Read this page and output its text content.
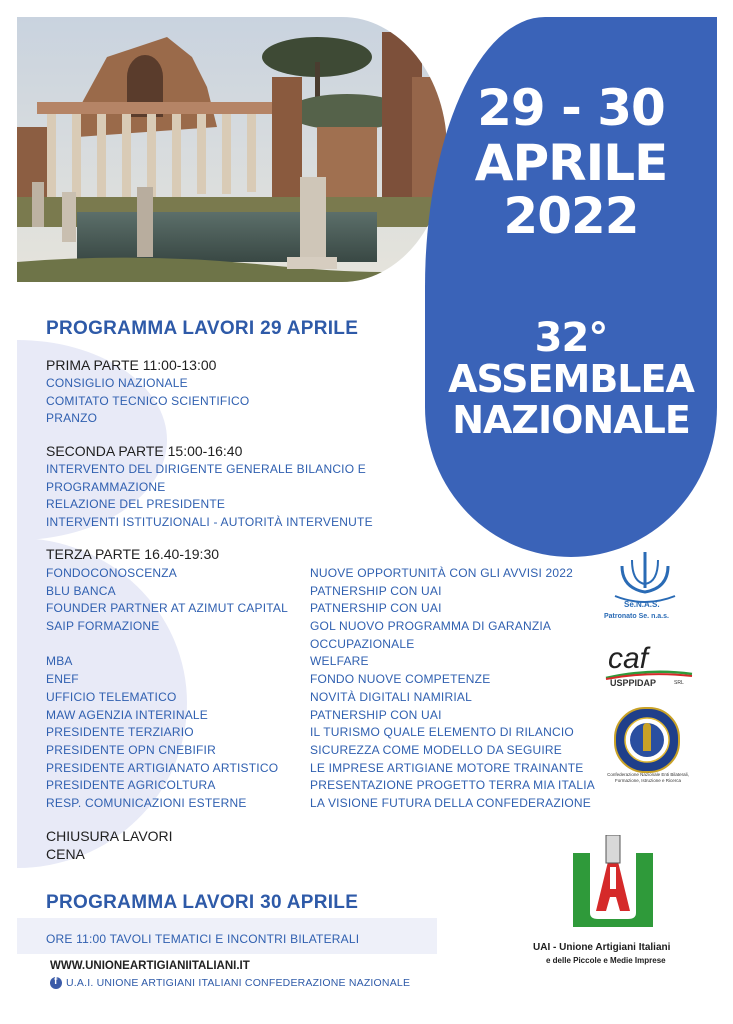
29 - 30
APRILE
2022
32°
ASSEMBLEA
NAZIONALE
PROGRAMMA LAVORI 29 APRILE
PRIMA PARTE 11:00-13:00
CONSIGLIO NAZIONALE
COMITATO TECNICO SCIENTIFICO
PRANZO
SECONDA PARTE 15:00-16:40
INTERVENTO DEL DIRIGENTE GENERALE BILANCIO E
PROGRAMMAZIONE
RELAZIONE DEL PRESIDENTE
INTERVENTI ISTITUZIONALI - AUTORITÀ INTERVENUTE
TERZA PARTE 16.40-19:30
FONDOCONOSCENZA
BLU BANCA
FOUNDER PARTNER AT AZIMUT CAPITAL
SAIP FORMAZIONE
MBA
ENEF
UFFICIO TELEMATICO
MAW AGENZIA INTERINALE
PRESIDENTE TERZIARIO
PRESIDENTE OPN CNEBIFIR
PRESIDENTE ARTIGIANATO ARTISTICO
PRESIDENTE AGRICOLTURA
RESP. COMUNICAZIONI ESTERNE
NUOVE OPPORTUNITÀ CON GLI AVVISI 2022
PATNERSHIP CON UAI
PATNERSHIP CON UAI
GOL NUOVO PROGRAMMA DI GARANZIA
OCCUPAZIONALE
WELFARE
FONDO NUOVE COMPETENZE
NOVITÀ DIGITALI NAMIRIAL
PATNERSHIP CON UAI
IL TURISMO QUALE ELEMENTO DI RILANCIO
SICUREZZA COME MODELLO DA SEGUIRE
LE IMPRESE ARTIGIANE MOTORE TRAINANTE
PRESENTAZIONE PROGETTO TERRA MIA ITALIA
LA VISIONE FUTURA DELLA CONFEDERAZIONE
CHIUSURA LAVORI
CENA
PROGRAMMA LAVORI 30 APRILE
ORE 11:00 TAVOLI TEMATICI E INCONTRI BILATERALI
WWW.UNIONEARTIGIANIITALIANI.IT
f U.A.I. UNIONE ARTIGIANI ITALIANI CONFEDERAZIONE NAZIONALE
Se.N.A.S.
Patronato Se. n.a.s.
caf
USPPIDAP	SRL
Confederazione Nazionale Enti Bilaterali, Formazione, Istruzione e Ricerca
UAI - Unione Artigiani Italiani
e delle Piccole e Medie Imprese
